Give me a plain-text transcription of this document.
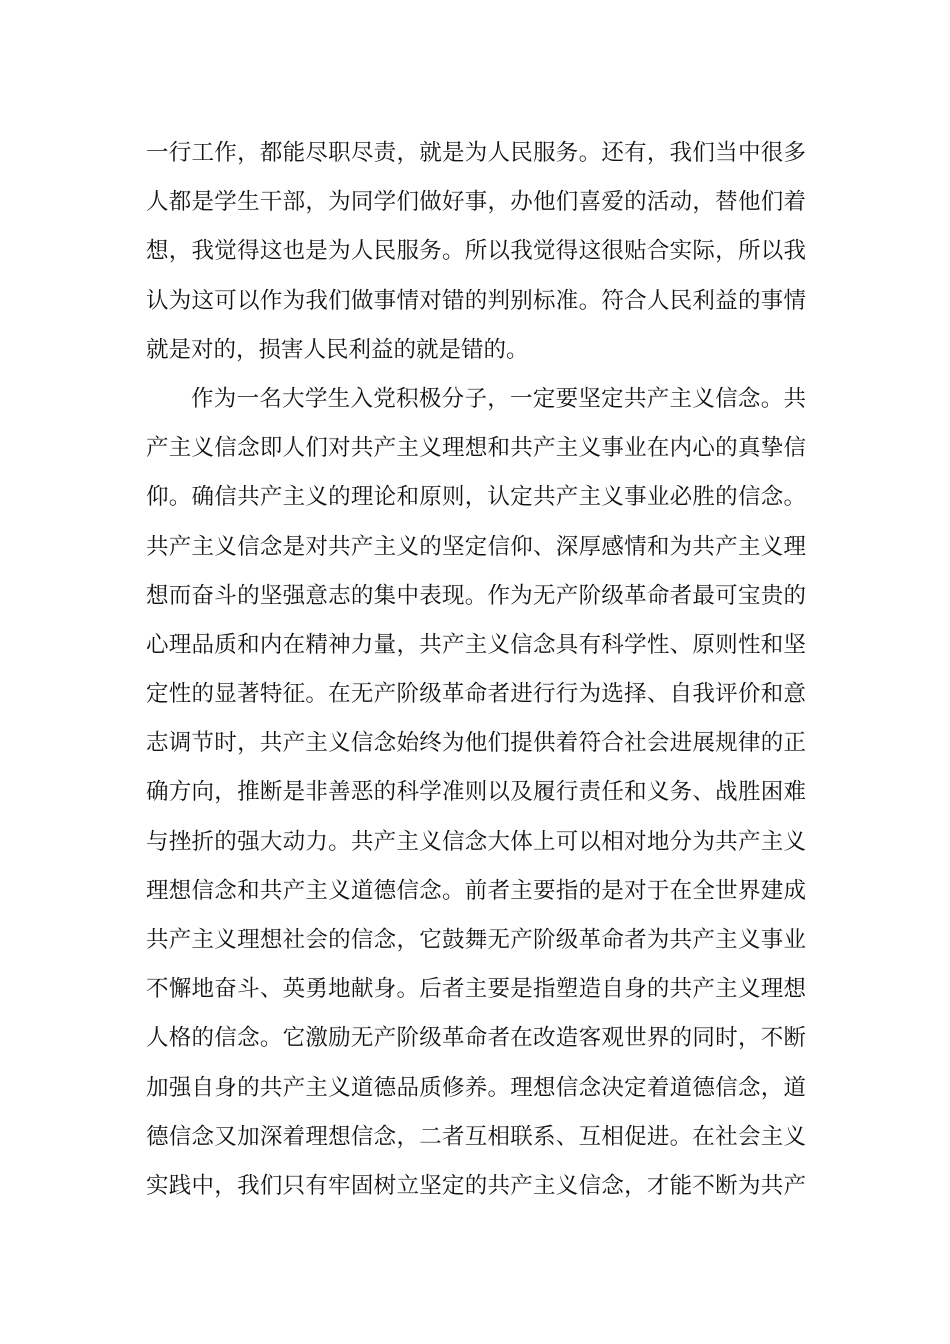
一行工作，都能尽职尽责，就是为人民服务。还有，我们当中很多
人都是学生干部，为同学们做好事，办他们喜爱的活动，替他们着
想，我觉得这也是为人民服务。所以我觉得这很贴合实际，所以我
认为这可以作为我们做事情对错的判别标准。符合人民利益的事情
就是对的，损害人民利益的就是错的。
作为一名大学生入党积极分子，一定要坚定共产主义信念。共
产主义信念即人们对共产主义理想和共产主义事业在内心的真挚信
仰。确信共产主义的理论和原则，认定共产主义事业必胜的信念。
共产主义信念是对共产主义的坚定信仰、深厚感情和为共产主义理
想而奋斗的坚强意志的集中表现。作为无产阶级革命者最可宝贵的
心理品质和内在精神力量，共产主义信念具有科学性、原则性和坚
定性的显著特征。在无产阶级革命者进行行为选择、自我评价和意
志调节时，共产主义信念始终为他们提供着符合社会进展规律的正
确方向，推断是非善恶的科学准则以及履行责任和义务、战胜困难
与挫折的强大动力。共产主义信念大体上可以相对地分为共产主义
理想信念和共产主义道德信念。前者主要指的是对于在全世界建成
共产主义理想社会的信念，它鼓舞无产阶级革命者为共产主义事业
不懈地奋斗、英勇地献身。后者主要是指塑造自身的共产主义理想
人格的信念。它激励无产阶级革命者在改造客观世界的同时，不断
加强自身的共产主义道德品质修养。理想信念决定着道德信念，道
德信念又加深着理想信念，二者互相联系、互相促进。在社会主义
实践中，我们只有牢固树立坚定的共产主义信念，才能不断为共产
